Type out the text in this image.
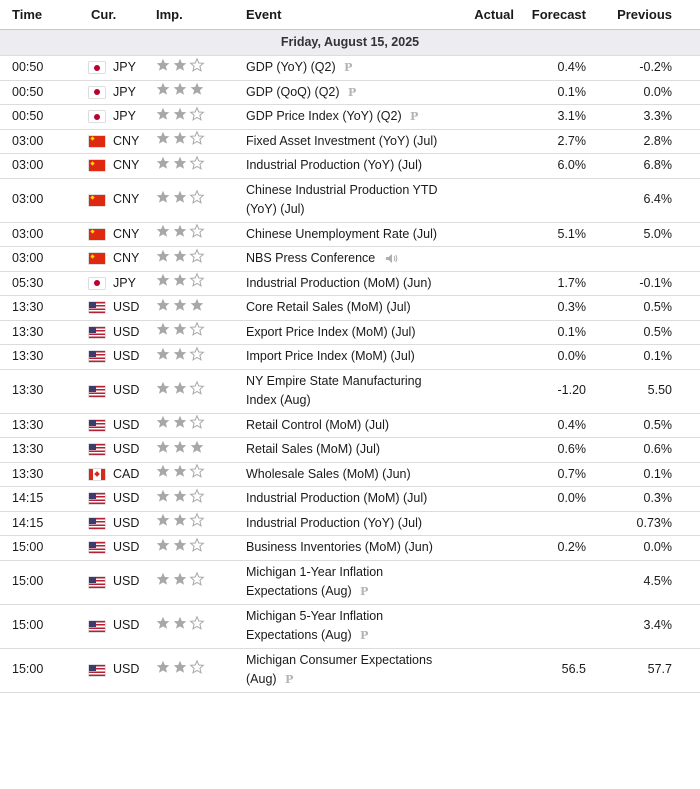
Time	Cur.	Imp.	Event	Actual	Forecast	Previous
Friday, August 15, 2025						
00:50	JPY		GDP (YoY) (Q2) P		0.4%	-0.2%
00:50	JPY		GDP (QoQ) (Q2) P		0.1%	0.0%
00:50	JPY		GDP Price Index (YoY) (Q2) P		3.1%	3.3%
03:00	CNY		Fixed Asset Investment (YoY) (Jul)		2.7%	2.8%
03:00	CNY		Industrial Production (YoY) (Jul)		6.0%	6.8%
03:00	CNY		Chinese Industrial Production YTD (YoY) (Jul)			6.4%
03:00	CNY		Chinese Unemployment Rate (Jul)		5.1%	5.0%
03:00	CNY		NBS Press Conference			
05:30	JPY		Industrial Production (MoM) (Jun)		1.7%	-0.1%
13:30	USD		Core Retail Sales (MoM) (Jul)		0.3%	0.5%
13:30	USD		Export Price Index (MoM) (Jul)		0.1%	0.5%
13:30	USD		Import Price Index (MoM) (Jul)		0.0%	0.1%
13:30	USD		NY Empire State Manufacturing Index (Aug)		-1.20	5.50
13:30	USD		Retail Control (MoM) (Jul)		0.4%	0.5%
13:30	USD		Retail Sales (MoM) (Jul)		0.6%	0.6%
13:30	CAD		Wholesale Sales (MoM) (Jun)		0.7%	0.1%
14:15	USD		Industrial Production (MoM) (Jul)		0.0%	0.3%
14:15	USD		Industrial Production (YoY) (Jul)			0.73%
15:00	USD		Business Inventories (MoM) (Jun)		0.2%	0.0%
15:00	USD		Michigan 1-Year Inflation Expectations (Aug) P			4.5%
15:00	USD		Michigan 5-Year Inflation Expectations (Aug) P			3.4%
15:00	USD		Michigan Consumer Expectations (Aug) P		56.5	57.7
